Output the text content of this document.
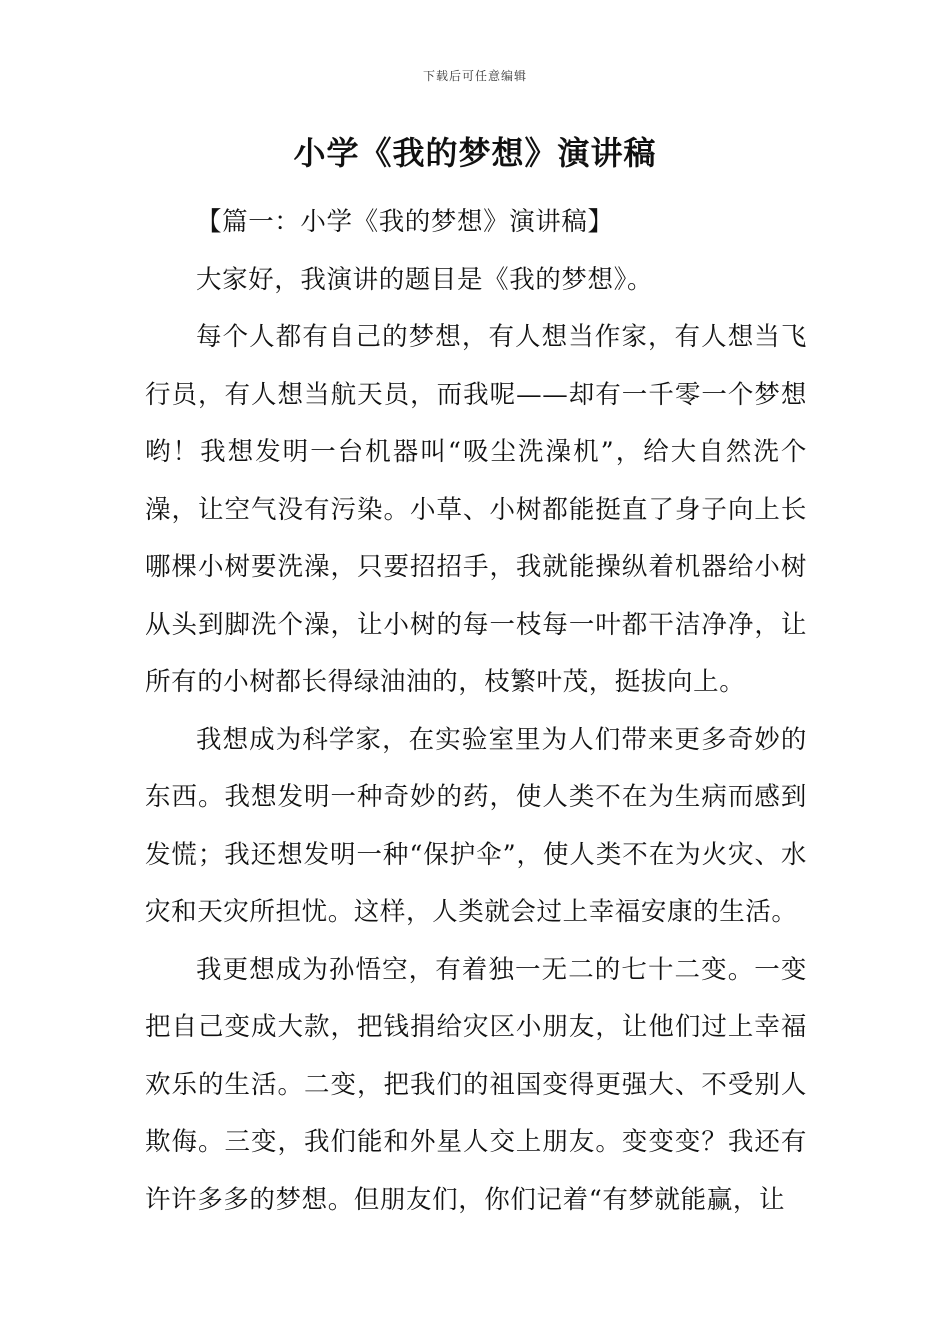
下载后可任意编辑
小学《我的梦想》演讲稿

【篇一：小学《我的梦想》演讲稿】

大家好，我演讲的题目是《我的梦想》。

每个人都有自己的梦想，有人想当作家，有人想当飞行员，有人想当航天员，而我呢——却有一千零一个梦想哟！我想发明一台机器叫“吸尘洗澡机”，给大自然洗个澡，让空气没有污染。小草、小树都能挺直了身子向上长哪棵小树要洗澡，只要招招手，我就能操纵着机器给小树从头到脚洗个澡，让小树的每一枝每一叶都干洁净净，让所有的小树都长得绿油油的，枝繁叶茂，挺拔向上。

我想成为科学家，在实验室里为人们带来更多奇妙的东西。我想发明一种奇妙的药，使人类不在为生病而感到发慌；我还想发明一种“保护伞”，使人类不在为火灾、水灾和天灾所担忧。这样，人类就会过上幸福安康的生活。

我更想成为孙悟空，有着独一无二的七十二变。一变把自己变成大款，把钱捐给灾区小朋友，让他们过上幸福欢乐的生活。二变，把我们的祖国变得更强大、不受别人欺侮。三变，我们能和外星人交上朋友。变变变？我还有许许多多的梦想。但朋友们，你们记着“有梦就能赢，让
